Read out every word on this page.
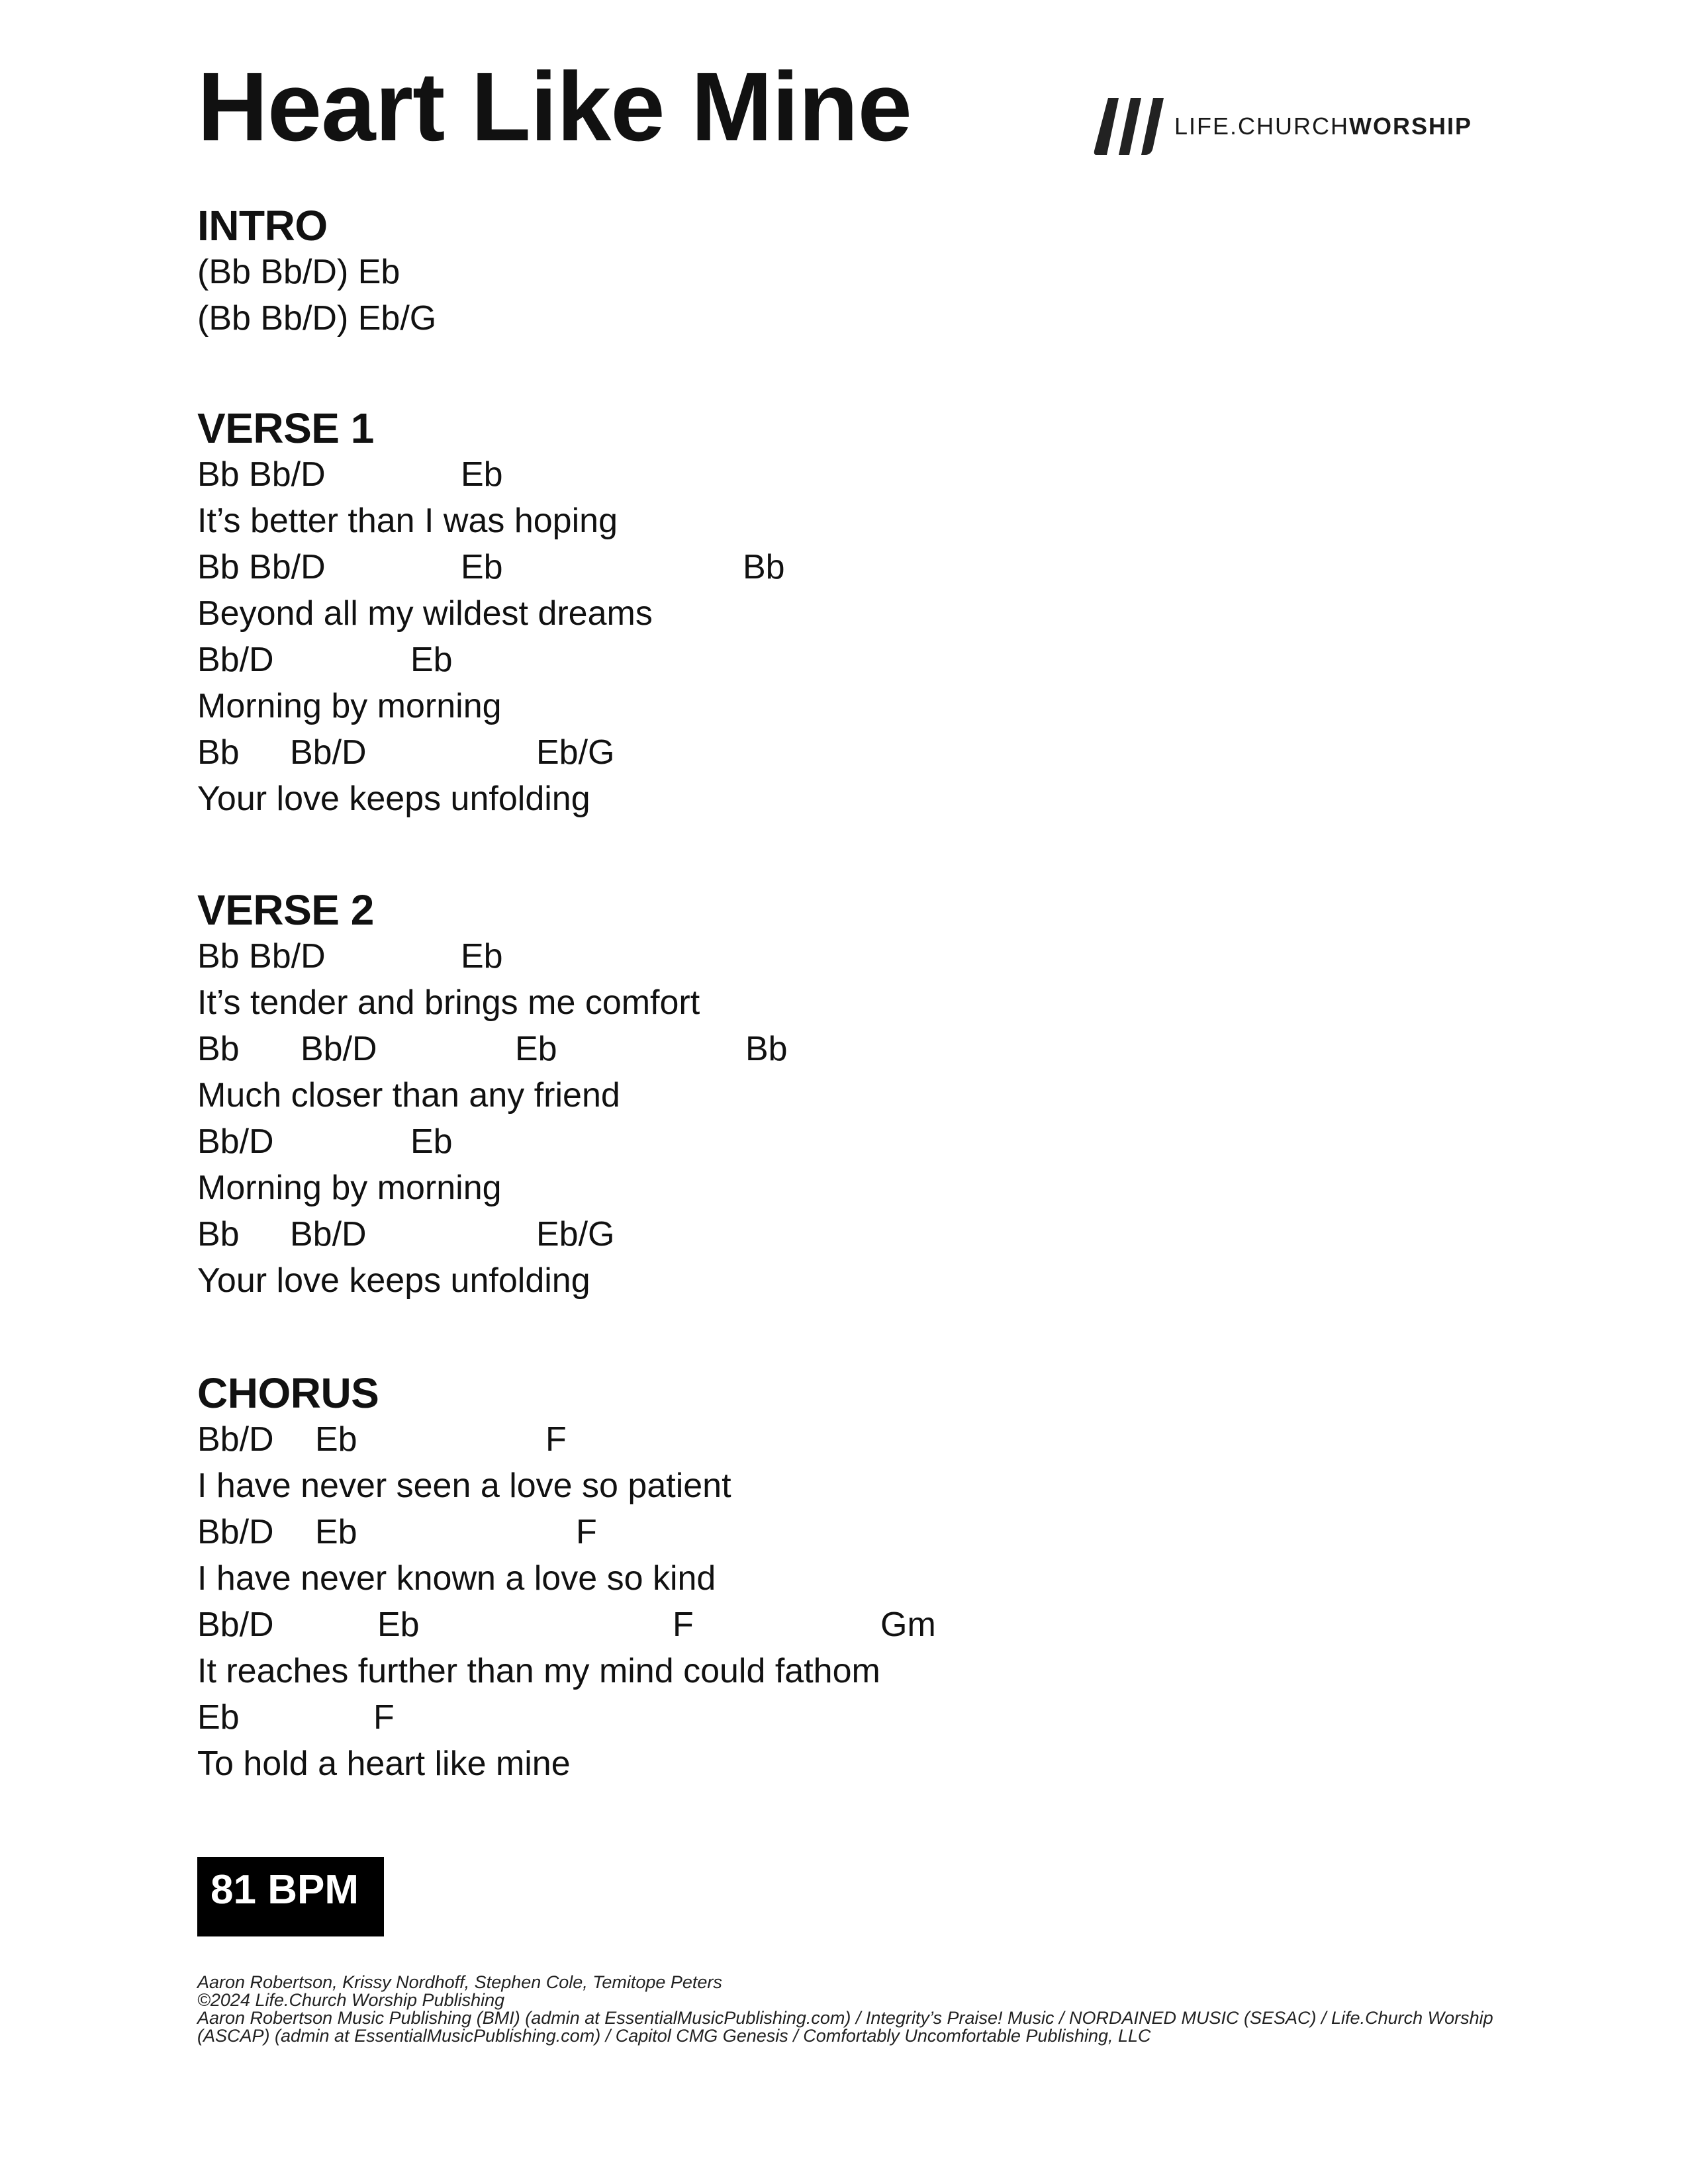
Heart Like Mine	LIFE.CHURCHWORSHIP
INTRO
(Bb Bb/D) Eb
(Bb Bb/D) Eb/G
VERSE 1
Bb Bb/D	Eb
It’s better than I was hoping
Bb Bb/D	Eb	Bb
Beyond all my wildest dreams
Bb/D	Eb
Morning by morning
Bb Bb/D	Eb/G
Your love keeps unfolding
VERSE 2
Bb Bb/D	Eb
It’s tender and brings me comfort
Bb Bb/D	Eb	Bb
Much closer than any friend
Bb/D	Eb
Morning by morning
Bb Bb/D	Eb/G
Your love keeps unfolding
CHORUS
Bb/D Eb	F
I have never seen a love so patient
Bb/D Eb	F
I have never known a love so kind
Bb/D	Eb	F	Gm
It reaches further than my mind could fathom
Eb	F
To hold a heart like mine
81 BPM
Aaron Robertson, Krissy Nordhoff, Stephen Cole, Temitope Peters
©2024 Life.Church Worship Publishing
Aaron Robertson Music Publishing (BMI) (admin at EssentialMusicPublishing.com) / Integrity’s Praise! Music / NORDAINED MUSIC (SESAC) / Life.Church Worship (ASCAP) (admin at EssentialMusicPublishing.com) / Capitol CMG Genesis / Comfortably Uncomfortable Publishing, LLC
